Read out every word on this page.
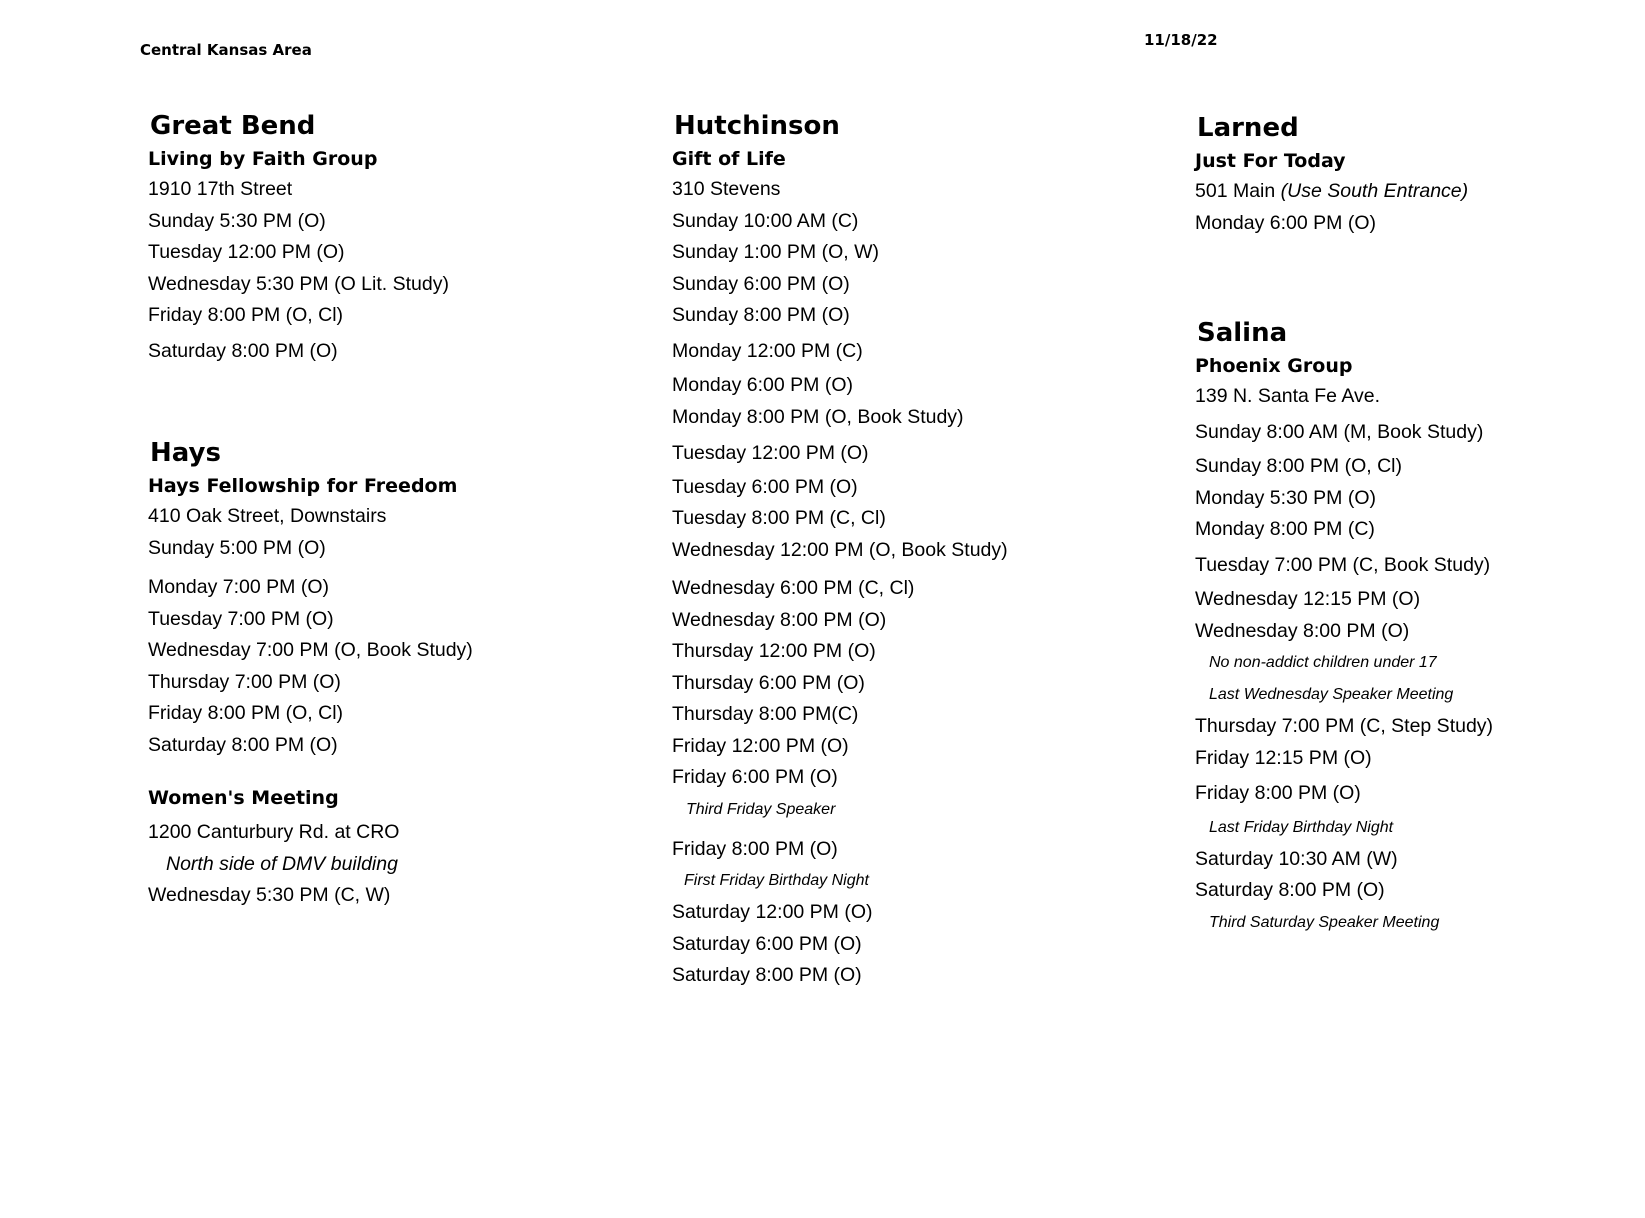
Central Kansas Area
11/18/22
Great Bend
Living by Faith Group
1910 17th Street
Sunday 5:30 PM (O)
Tuesday 12:00 PM (O)
Wednesday 5:30 PM (O Lit. Study)
Friday 8:00 PM (O, Cl)
Saturday 8:00 PM (O)
Hays
Hays Fellowship for Freedom
410 Oak Street, Downstairs
Sunday 5:00 PM (O)
Monday 7:00 PM (O)
Tuesday 7:00 PM (O)
Wednesday 7:00 PM (O, Book Study)
Thursday 7:00 PM (O)
Friday 8:00 PM (O, Cl)
Saturday 8:00 PM (O)
Women's Meeting
1200 Canturbury Rd. at CRO
North side of DMV building
Wednesday 5:30 PM (C, W)
Hutchinson
Gift of Life
310 Stevens
Sunday 10:00 AM (C)
Sunday 1:00 PM (O, W)
Sunday 6:00 PM (O)
Sunday 8:00 PM (O)
Monday 12:00 PM (C)
Monday 6:00 PM (O)
Monday 8:00 PM (O, Book Study)
Tuesday 12:00 PM (O)
Tuesday 6:00 PM (O)
Tuesday 8:00 PM (C, Cl)
Wednesday 12:00 PM (O, Book Study)
Wednesday 6:00 PM (C, Cl)
Wednesday 8:00 PM (O)
Thursday 12:00 PM (O)
Thursday 6:00 PM (O)
Thursday 8:00 PM(C)
Friday 12:00 PM (O)
Friday 6:00 PM (O)
Third Friday Speaker
Friday 8:00 PM (O)
First Friday Birthday Night
Saturday 12:00 PM (O)
Saturday 6:00 PM (O)
Saturday 8:00 PM (O)
Larned
Just For Today
501 Main (Use South Entrance)
Monday 6:00 PM (O)
Salina
Phoenix Group
139 N. Santa Fe Ave.
Sunday 8:00 AM (M, Book Study)
Sunday 8:00 PM (O, Cl)
Monday 5:30 PM (O)
Monday 8:00 PM (C)
Tuesday 7:00 PM (C, Book Study)
Wednesday 12:15 PM (O)
Wednesday 8:00 PM (O)
No non-addict children under 17
Last Wednesday Speaker Meeting
Thursday 7:00 PM (C, Step Study)
Friday 12:15 PM (O)
Friday 8:00 PM (O)
Last Friday Birthday Night
Saturday 10:30 AM (W)
Saturday 8:00 PM (O)
Third Saturday Speaker Meeting
